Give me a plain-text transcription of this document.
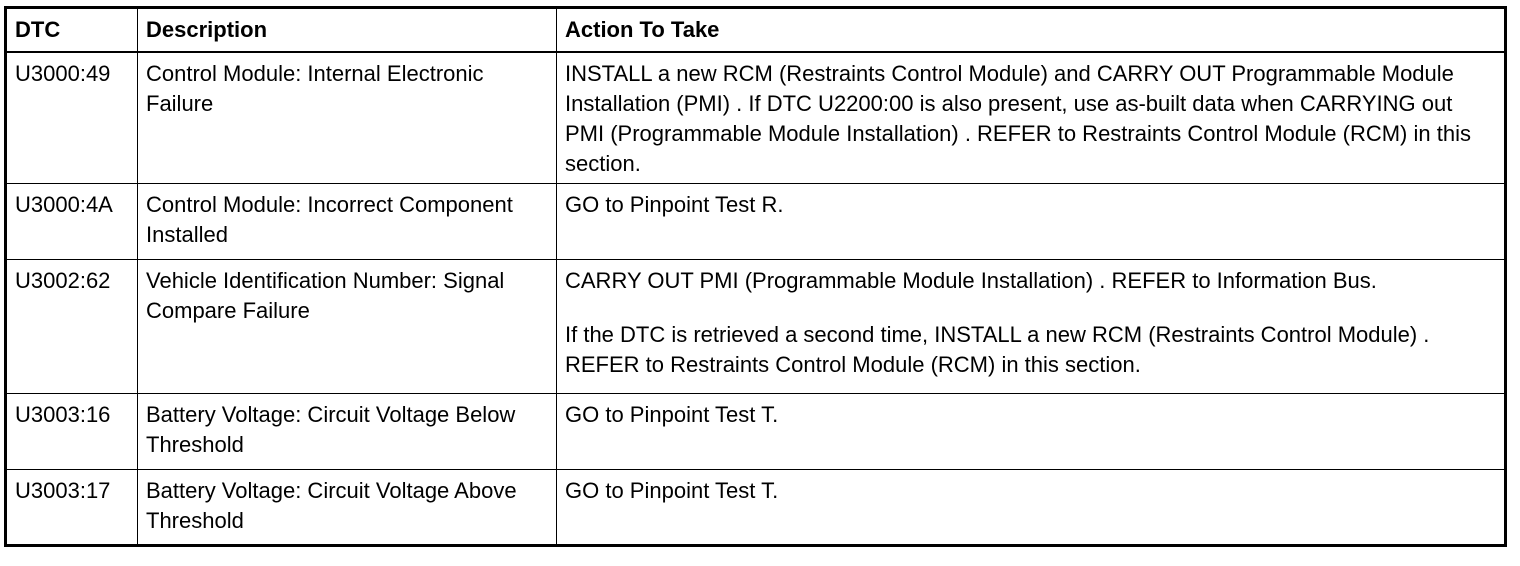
DTC	Description	Action To Take
U3000:49	Control Module: Internal Electronic Failure	INSTALL a new RCM (Restraints Control Module) and CARRY OUT Programmable Module Installation (PMI) . If DTC U2200:00 is also present, use as-built data when CARRYING out PMI (Programmable Module Installation) . REFER to Restraints Control Module (RCM) in this section.

U3000:4A	Control Module: Incorrect Component Installed	GO to Pinpoint Test R.

U3002:62	Vehicle Identification Number: Signal Compare Failure	CARRY OUT PMI (Programmable Module Installation) . REFER to Information Bus.
If the DTC is retrieved a second time, INSTALL a new RCM (Restraints Control Module) . REFER to Restraints Control Module (RCM) in this section.

U3003:16	Battery Voltage: Circuit Voltage Below Threshold	GO to Pinpoint Test T.

U3003:17	Battery Voltage: Circuit Voltage Above Threshold	GO to Pinpoint Test T.
